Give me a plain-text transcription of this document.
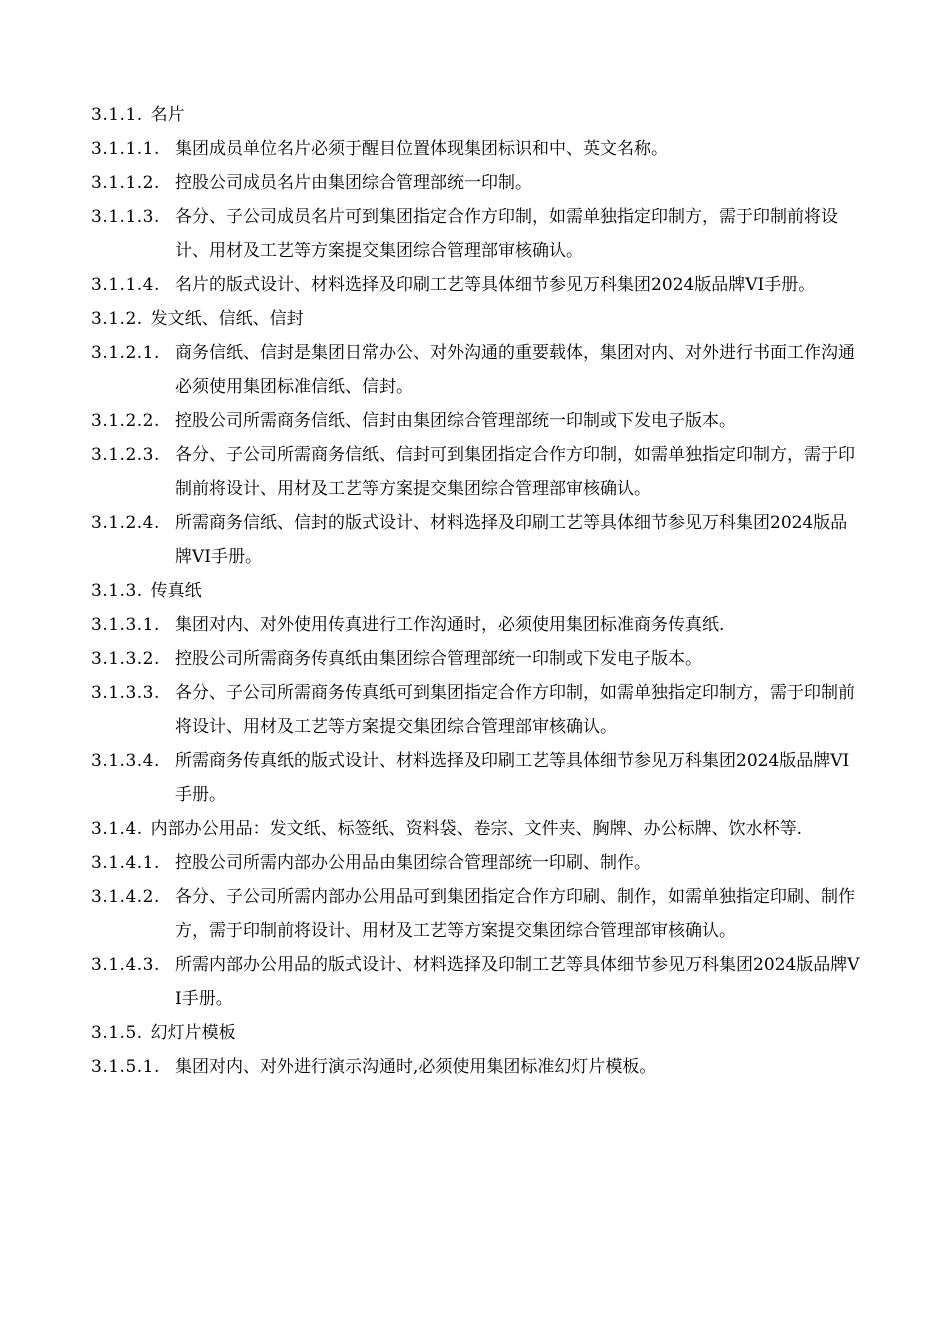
3.1.1. 名片
3.1.1.1. 集团成员单位名片必须于醒目位置体现集团标识和中、英文名称。
3.1.1.2. 控股公司成员名片由集团综合管理部统一印制。
3.1.1.3. 各分、子公司成员名片可到集团指定合作方印制，如需单独指定印制方，需于印制前将设计、用材及工艺等方案提交集团综合管理部审核确认。
3.1.1.4. 名片的版式设计、材料选择及印刷工艺等具体细节参见万科集团2024版品牌VI手册。
3.1.2. 发文纸、信纸、信封
3.1.2.1. 商务信纸、信封是集团日常办公、对外沟通的重要载体，集团对内、对外进行书面工作沟通必须使用集团标准信纸、信封。
3.1.2.2. 控股公司所需商务信纸、信封由集团综合管理部统一印制或下发电子版本。
3.1.2.3. 各分、子公司所需商务信纸、信封可到集团指定合作方印制，如需单独指定印制方，需于印制前将设计、用材及工艺等方案提交集团综合管理部审核确认。
3.1.2.4. 所需商务信纸、信封的版式设计、材料选择及印刷工艺等具体细节参见万科集团2024版品牌VI手册。
3.1.3. 传真纸
3.1.3.1. 集团对内、对外使用传真进行工作沟通时，必须使用集团标准商务传真纸.
3.1.3.2. 控股公司所需商务传真纸由集团综合管理部统一印制或下发电子版本。
3.1.3.3. 各分、子公司所需商务传真纸可到集团指定合作方印制，如需单独指定印制方，需于印制前将设计、用材及工艺等方案提交集团综合管理部审核确认。
3.1.3.4. 所需商务传真纸的版式设计、材料选择及印刷工艺等具体细节参见万科集团2024版品牌VI手册。
3.1.4. 内部办公用品：发文纸、标签纸、资料袋、卷宗、文件夹、胸牌、办公标牌、饮水杯等.
3.1.4.1. 控股公司所需内部办公用品由集团综合管理部统一印刷、制作。
3.1.4.2. 各分、子公司所需内部办公用品可到集团指定合作方印刷、制作，如需单独指定印刷、制作方，需于印制前将设计、用材及工艺等方案提交集团综合管理部审核确认。
3.1.4.3. 所需内部办公用品的版式设计、材料选择及印制工艺等具体细节参见万科集团2024版品牌VI手册。
3.1.5. 幻灯片模板
3.1.5.1. 集团对内、对外进行演示沟通时,必须使用集团标准幻灯片模板。
